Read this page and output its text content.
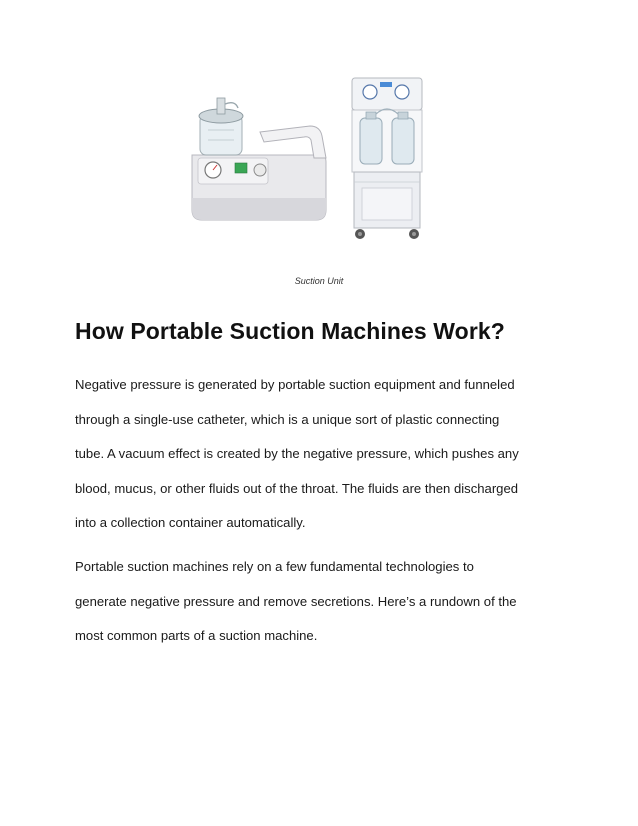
Suction Unit
How Portable Suction Machines Work?

Negative pressure is generated by portable suction equipment and funneled
through a single-use catheter, which is a unique sort of plastic connecting
tube. A vacuum effect is created by the negative pressure, which pushes any
blood, mucus, or other fluids out of the throat. The fluids are then discharged
into a collection container automatically.

Portable suction machines rely on a few fundamental technologies to
generate negative pressure and remove secretions. Here’s a rundown of the
most common parts of a suction machine.
